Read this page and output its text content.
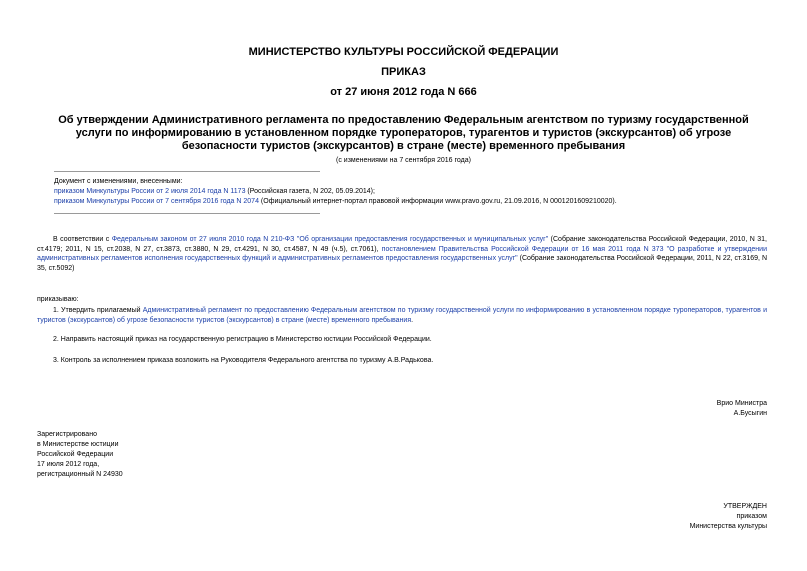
МИНИСТЕРСТВО КУЛЬТУРЫ РОССИЙСКОЙ ФЕДЕРАЦИИ
ПРИКАЗ
от 27 июня 2012 года N 666
Об утверждении Административного регламента по предоставлению Федеральным агентством по туризму государственной услуги по информированию в установленном порядке туроператоров, турагентов и туристов (экскурсантов) об угрозе безопасности туристов (экскурсантов) в стране (месте) временного пребывания
(с изменениями на 7 сентября 2016 года)
Документ с изменениями, внесенными:
приказом Минкультуры России от 2 июля 2014 года N 1173 (Российская газета, N 202, 05.09.2014);
приказом Минкультуры России от 7 сентября 2016 года N 2074 (Официальный интернет-портал правовой информации www.pravo.gov.ru, 21.09.2016, N 0001201609210020).
В соответствии с Федеральным законом от 27 июля 2010 года N 210-ФЗ "Об организации предоставления государственных и муниципальных услуг" (Собрание законодательства Российской Федерации, 2010, N 31, ст.4179; 2011, N 15, ст.2038, N 27, ст.3873, ст.3880, N 29, ст.4291, N 30, ст.4587, N 49 (ч.5), ст.7061), постановлением Правительства Российской Федерации от 16 мая 2011 года N 373 "О разработке и утверждении административных регламентов исполнения государственных функций и административных регламентов предоставления государственных услуг" (Собрание законодательства Российской Федерации, 2011, N 22, ст.3169, N 35, ст.5092)
приказываю:
1. Утвердить прилагаемый Административный регламент по предоставлению Федеральным агентством по туризму государственной услуги по информированию в установленном порядке туроператоров, турагентов и туристов (экскурсантов) об угрозе безопасности туристов (экскурсантов) в стране (месте) временного пребывания.
2. Направить настоящий приказ на государственную регистрацию в Министерство юстиции Российской Федерации.
3. Контроль за исполнением приказа возложить на Руководителя Федерального агентства по туризму А.В.Радькова.
Врио Министра
А.Бусыгин
Зарегистрировано
в Министерстве юстиции
Российской Федерации
17 июля 2012 года,
регистрационный N 24930
УТВЕРЖДЕН
приказом
Министерства культуры
